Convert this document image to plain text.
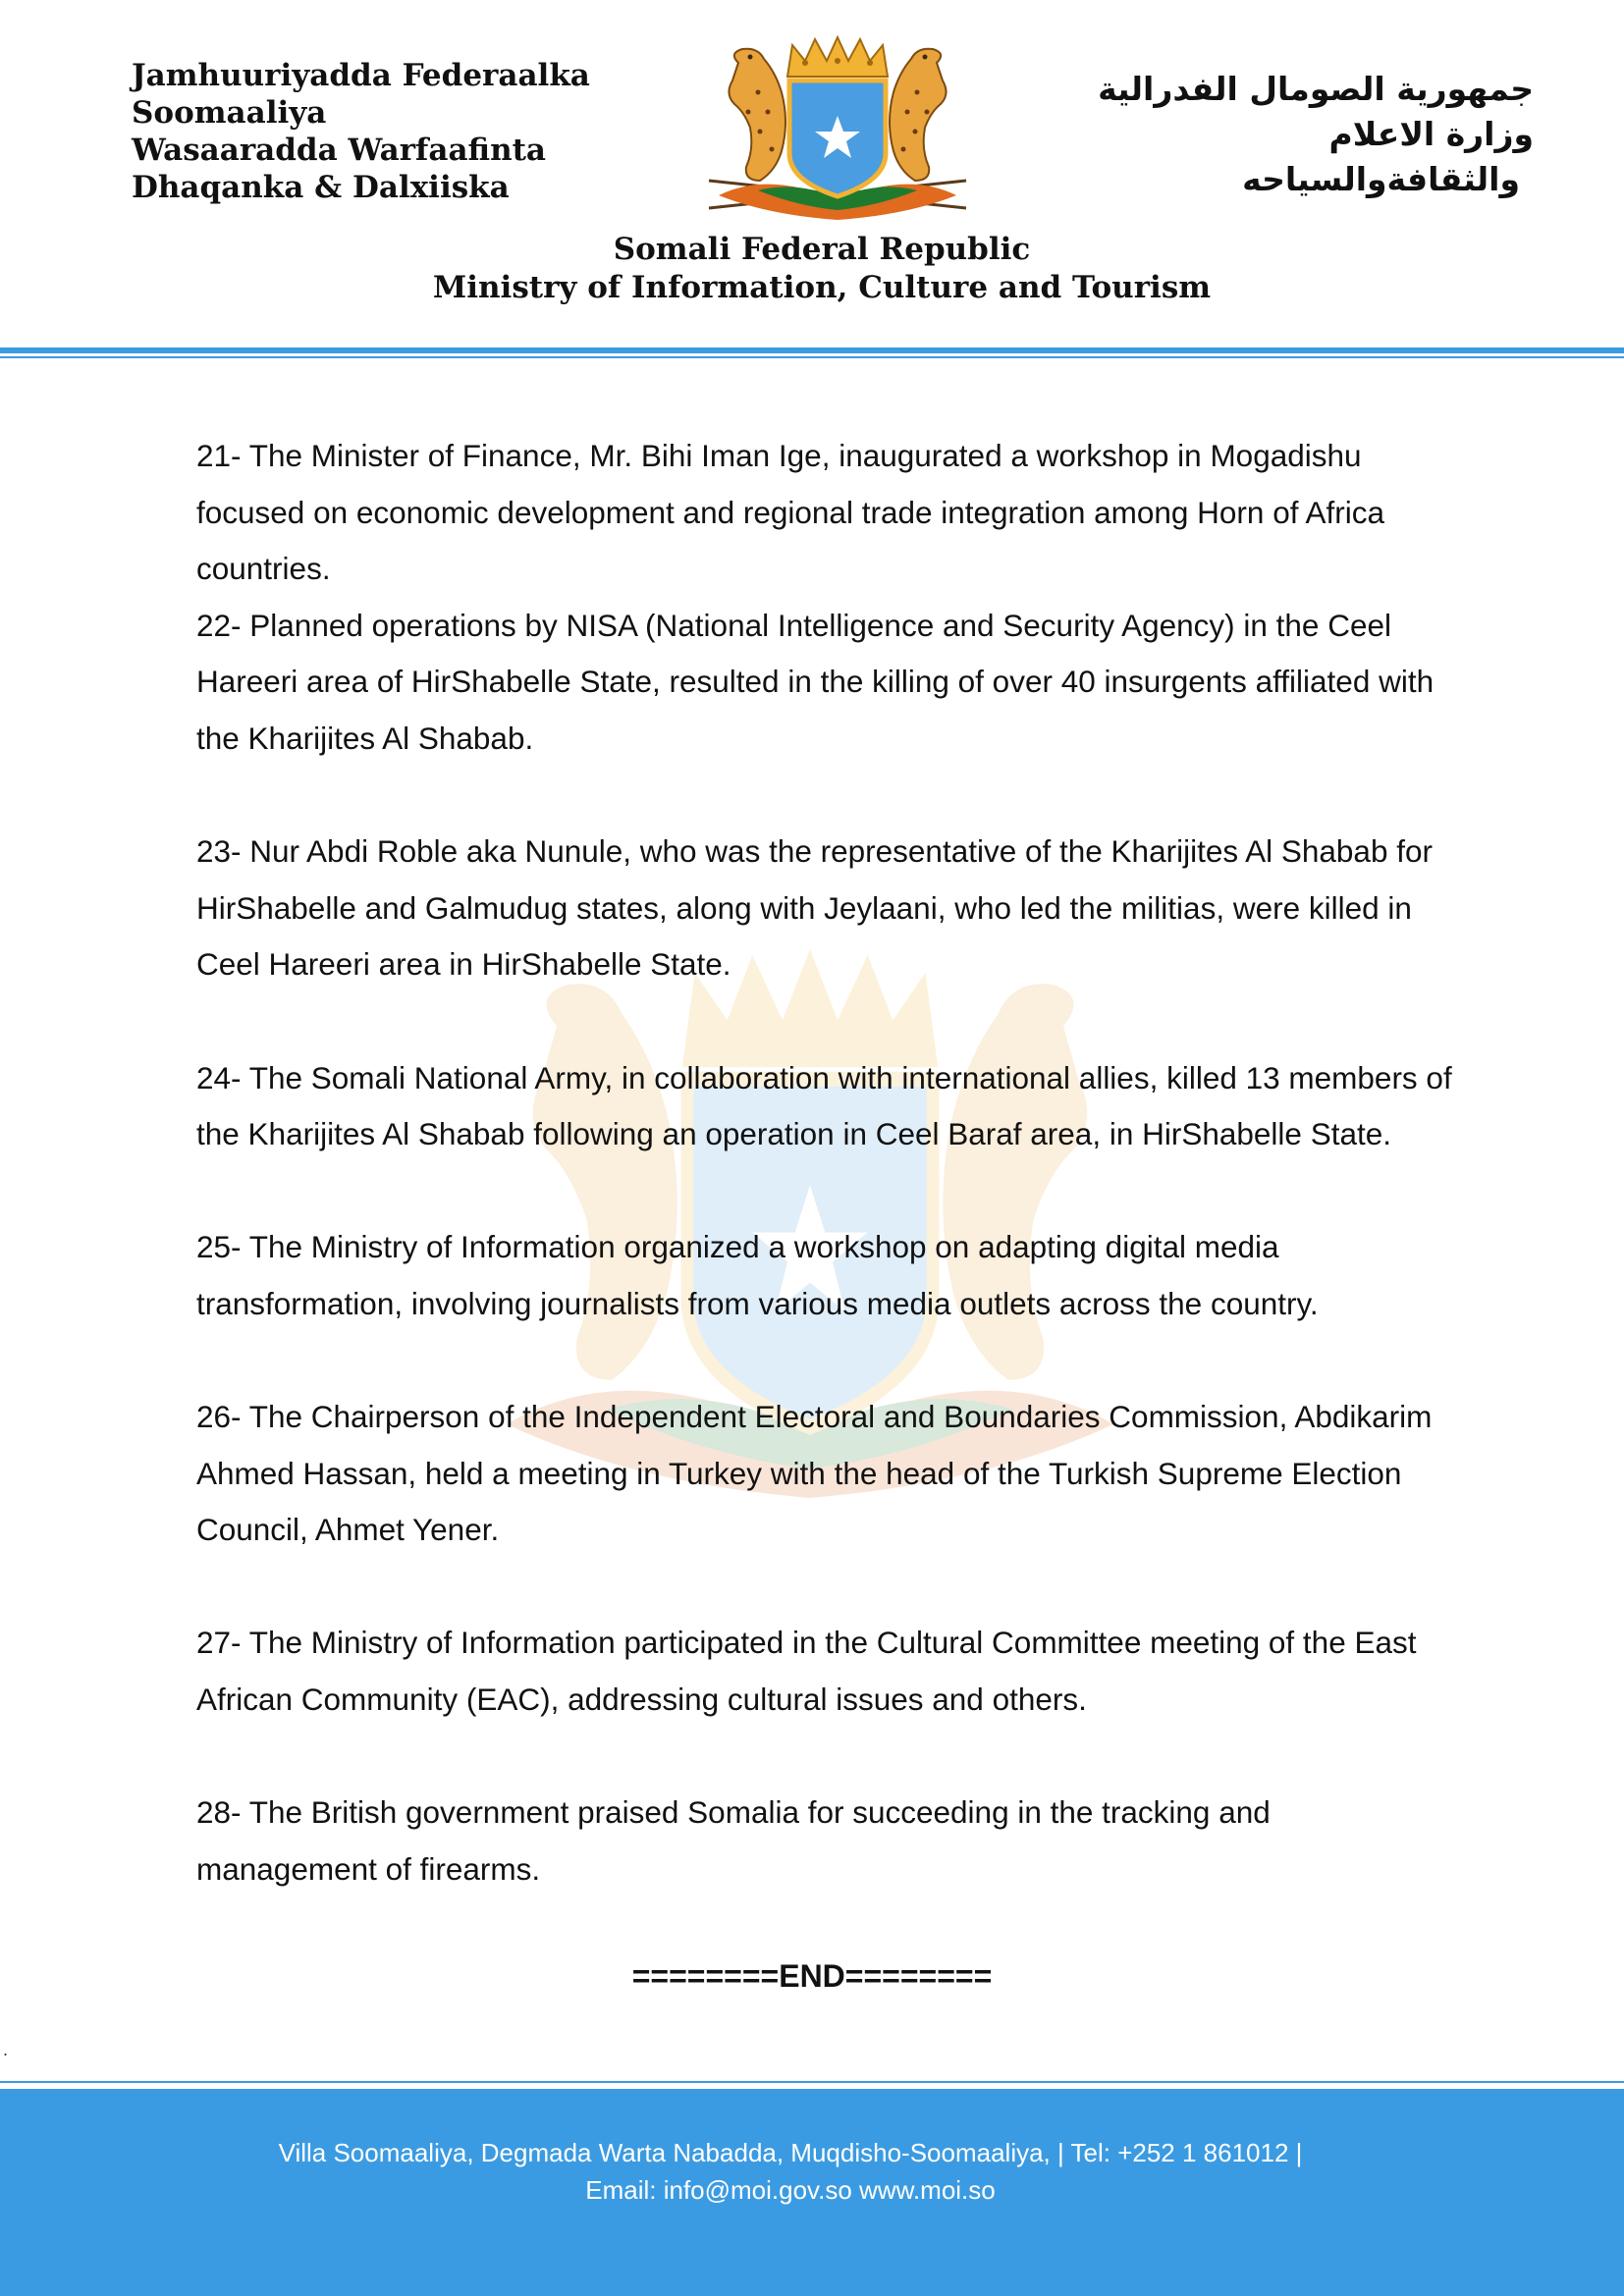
Jamhuuriyadda Federaalka
Soomaaliya
Wasaaradda Warfaafinta
Dhaqanka & Dalxiiska
جمهورية الصومال الفدرالية
وزارة الاعلام
والثقافةوالسياحه
Somali Federal Republic
Ministry of Information, Culture and Tourism

21- The Minister of Finance, Mr. Bihi Iman Ige, inaugurated a workshop in Mogadishu focused on economic development and regional trade integration among Horn of Africa countries.

22- Planned operations by NISA (National Intelligence and Security Agency) in the Ceel Hareeri area of HirShabelle State, resulted in the killing of over 40 insurgents affiliated with the Kharijites Al Shabab.

23- Nur Abdi Roble aka Nunule, who was the representative of the Kharijites Al Shabab for HirShabelle and Galmudug states, along with Jeylaani, who led the militias, were killed in Ceel Hareeri area in HirShabelle State.

24- The Somali National Army, in collaboration with international allies, killed 13 members of the Kharijites Al Shabab following an operation in Ceel Baraf area, in HirShabelle State.

25- The Ministry of Information organized a workshop on adapting digital media transformation, involving journalists from various media outlets across the country.

26- The Chairperson of the Independent Electoral and Boundaries Commission, Abdikarim Ahmed Hassan, held a meeting in Turkey with the head of the Turkish Supreme Election Council, Ahmet Yener.

27- The Ministry of Information participated in the Cultural Committee meeting of the East African Community (EAC), addressing cultural issues and others.

28- The British government praised Somalia for succeeding in the tracking and management of firearms.

========END========
.
Villa Soomaaliya, Degmada Warta Nabadda, Muqdisho-Soomaaliya, | Tel: +252 1 861012 |
Email: info@moi.gov.so www.moi.so
